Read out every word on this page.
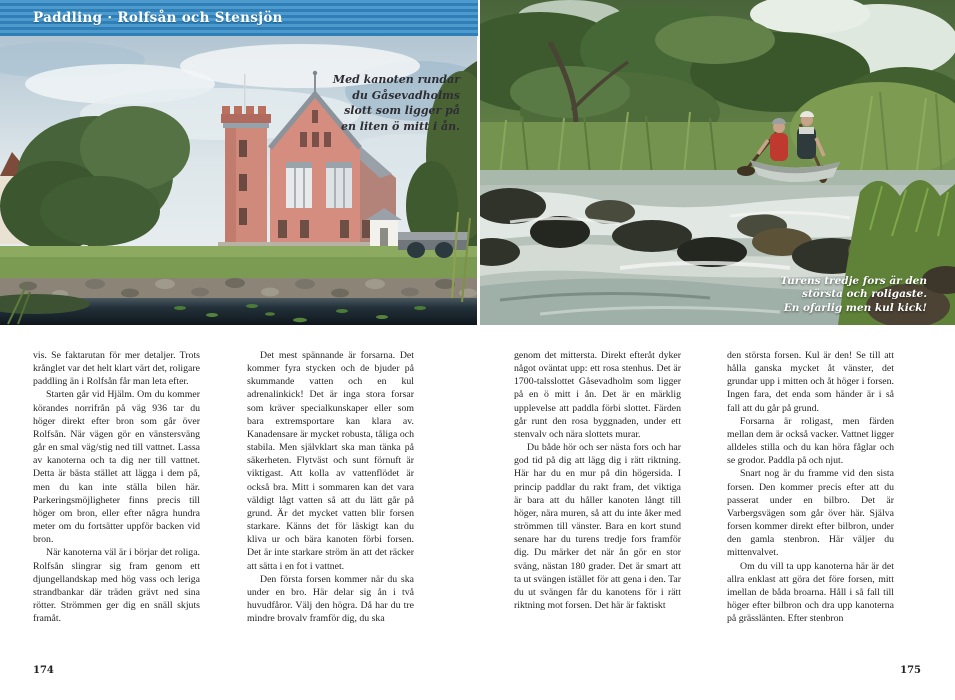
Paddling · Rolfsån och Stensjön
Med kanoten rundar
du Gåsevadholms
slott som ligger på
en liten ö mitt i ån.
Turens tredje fors är den
största och roligaste.
En ofarlig men kul kick!

vis. Se faktarutan för mer detaljer. Trots krånglet var det helt klart värt det, roligare paddling än i Rolfsån får man leta efter.

Starten går vid Hjälm. Om du kommer körandes norrifrån på väg 936 tar du höger direkt efter bron som går över Rolfsån. När vägen gör en vänstersväng går en smal väg/stig ned till vattnet. Lassa av kanoterna och ta dig ner till vattnet. Detta är bästa stället att lägga i dem på, men du kan inte ställa bilen här. Parkeringsmöjligheter finns precis till höger om bron, eller efter några hundra meter om du fortsätter uppför backen vid bron.

När kanoterna väl är i börjar det roliga. Rolfsån slingrar sig fram genom ett djungellandskap med hög vass och leriga strandbankar där träden grävt ned sina rötter. Strömmen ger dig en snäll skjuts framåt.

Det mest spännande är forsarna. Det kommer fyra stycken och de bjuder på skummande vatten och en kul adrenalinkick! Det är inga stora forsar som kräver specialkunskaper eller som bara extremsportare kan klara av. Kanadensare är mycket robusta, tåliga och stabila. Men självklart ska man tänka på säkerheten. Flytväst och sunt förnuft är viktigast. Att kolla av vattenflödet är också bra. Mitt i sommaren kan det vara väldigt lågt vatten så att du lätt går på grund. Är det mycket vatten blir forsen starkare. Känns det för läskigt kan du kliva ur och bära kanoten förbi forsen. Det är inte starkare ström än att det räcker att sätta i en fot i vattnet.

Den första forsen kommer när du ska under en bro. Här delar sig ån i två huvudfåror. Välj den högra. Då har du tre mindre brovalv framför dig, du ska

genom det mittersta. Direkt efteråt dyker något oväntat upp: ett rosa stenhus. Det är 1700-talsslottet Gåsevadholm som ligger på en ö mitt i ån. Det är en märklig upplevelse att paddla förbi slottet. Färden går runt den rosa byggnaden, under ett stenvalv och nära slottets murar.

Du både hör och ser nästa fors och har god tid på dig att lägg dig i rätt riktning. Här har du en mur på din högersida. I princip paddlar du rakt fram, det viktiga är bara att du håller kanoten långt till höger, nära muren, så att du inte åker med strömmen till vänster. Bara en kort stund senare har du turens tredje fors framför dig. Du märker det när ån gör en stor sväng, nästan 180 grader. Det är smart att ta ut svängen istället för att gena i den. Tar du ut svängen får du kanotens för i rätt riktning mot forsen. Det här är faktiskt

den största forsen. Kul är den! Se till att hålla ganska mycket åt vänster, det grundar upp i mitten och åt höger i forsen. Ingen fara, det enda som händer är i så fall att du går på grund.

Forsarna är roligast, men färden mellan dem är också vacker. Vattnet ligger alldeles stilla och du kan höra fåglar och se grodor. Paddla på och njut.

Snart nog är du framme vid den sista forsen. Den kommer precis efter att du passerat under en bilbro. Det är Varbergsvägen som går över här. Själva forsen kommer direkt efter bilbron, under den gamla stenbron. Här väljer du mittenvalvet.

Om du vill ta upp kanoterna här är det allra enklast att göra det före forsen, mitt imellan de båda broarna. Håll i så fall till höger efter bilbron och dra upp kanoterna på grässlänten. Efter stenbron

174	175
